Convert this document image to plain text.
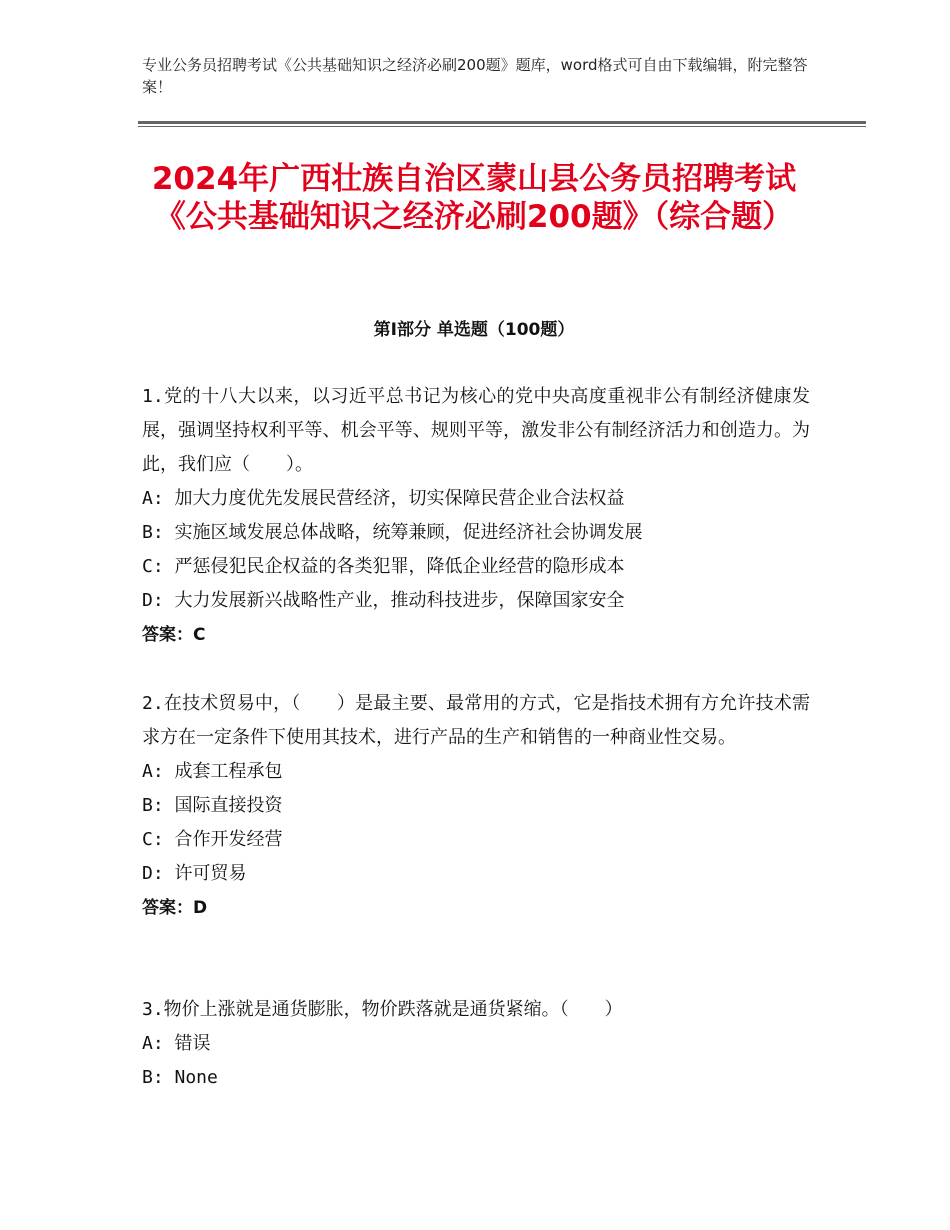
专业公务员招聘考试《公共基础知识之经济必刷200题》题库，word格式可自由下载编辑，附完整答案！
2024年广西壮族自治区蒙山县公务员招聘考试《公共基础知识之经济必刷200题》（综合题）
第Ⅰ部分 单选题（100题）
1.党的十八大以来，以习近平总书记为核心的党中央高度重视非公有制经济健康发展，强调坚持权利平等、机会平等、规则平等，激发非公有制经济活力和创造力。为此，我们应（　　）。
A: 加大力度优先发展民营经济，切实保障民营企业合法权益
B: 实施区域发展总体战略，统筹兼顾，促进经济社会协调发展
C: 严惩侵犯民企权益的各类犯罪，降低企业经营的隐形成本
D: 大力发展新兴战略性产业，推动科技进步，保障国家安全
答案：C
2.在技术贸易中，（　　）是最主要、最常用的方式，它是指技术拥有方允许技术需求方在一定条件下使用其技术，进行产品的生产和销售的一种商业性交易。
A: 成套工程承包
B: 国际直接投资
C: 合作开发经营
D: 许可贸易
答案：D
3.物价上涨就是通货膨胀，物价跌落就是通货紧缩。（　　）
A: 错误
B: None
